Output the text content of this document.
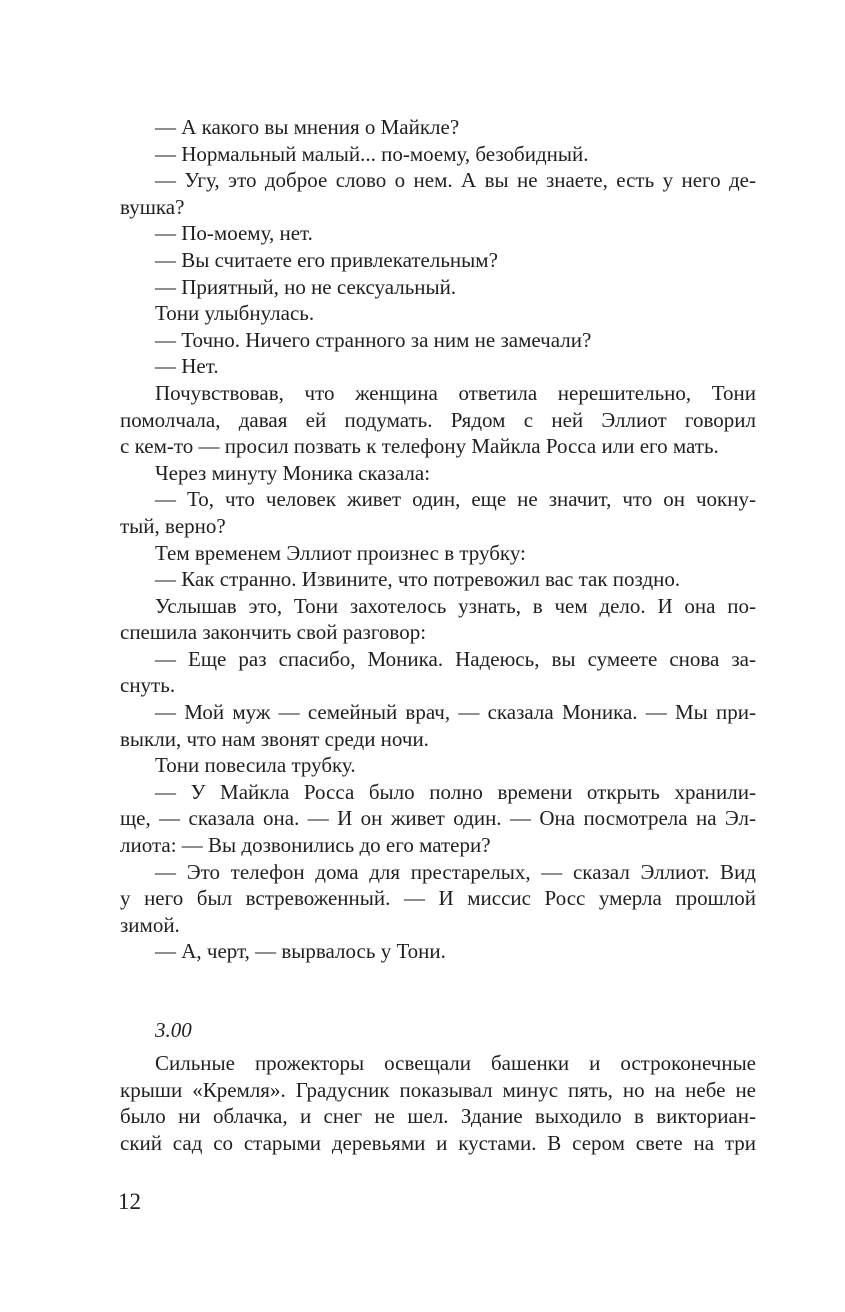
— А какого вы мнения о Майкле?
— Нормальный малый... по-моему, безобидный.
— Угу, это доброе слово о нем. А вы не знаете, есть у него де-
вушка?
— По-моему, нет.
— Вы считаете его привлекательным?
— Приятный, но не сексуальный.
Тони улыбнулась.
— Точно. Ничего странного за ним не замечали?
— Нет.
Почувствовав, что женщина ответила нерешительно, Тони
помолчала, давая ей подумать. Рядом с ней Эллиот говорил
с кем-то — просил позвать к телефону Майкла Росса или его мать.
Через минуту Моника сказала:
— То, что человек живет один, еще не значит, что он чокну-
тый, верно?
Тем временем Эллиот произнес в трубку:
— Как странно. Извините, что потревожил вас так поздно.
Услышав это, Тони захотелось узнать, в чем дело. И она по-
спешила закончить свой разговор:
— Еще раз спасибо, Моника. Надеюсь, вы сумеете снова за-
снуть.
— Мой муж — семейный врач, — сказала Моника. — Мы при-
выкли, что нам звонят среди ночи.
Тони повесила трубку.
— У Майкла Росса было полно времени открыть хранили-
ще, — сказала она. — И он живет один. — Она посмотрела на Эл-
лиота: — Вы дозвонились до его матери?
— Это телефон дома для престарелых, — сказал Эллиот. Вид
у него был встревоженный. — И миссис Росс умерла прошлой
зимой.
— А, черт, — вырвалось у Тони.
3.00
Сильные прожекторы освещали башенки и остроконечные
крыши «Кремля». Градусник показывал минус пять, но на небе не
было ни облачка, и снег не шел. Здание выходило в викториан-
ский сад со старыми деревьями и кустами. В сером свете на три
12
